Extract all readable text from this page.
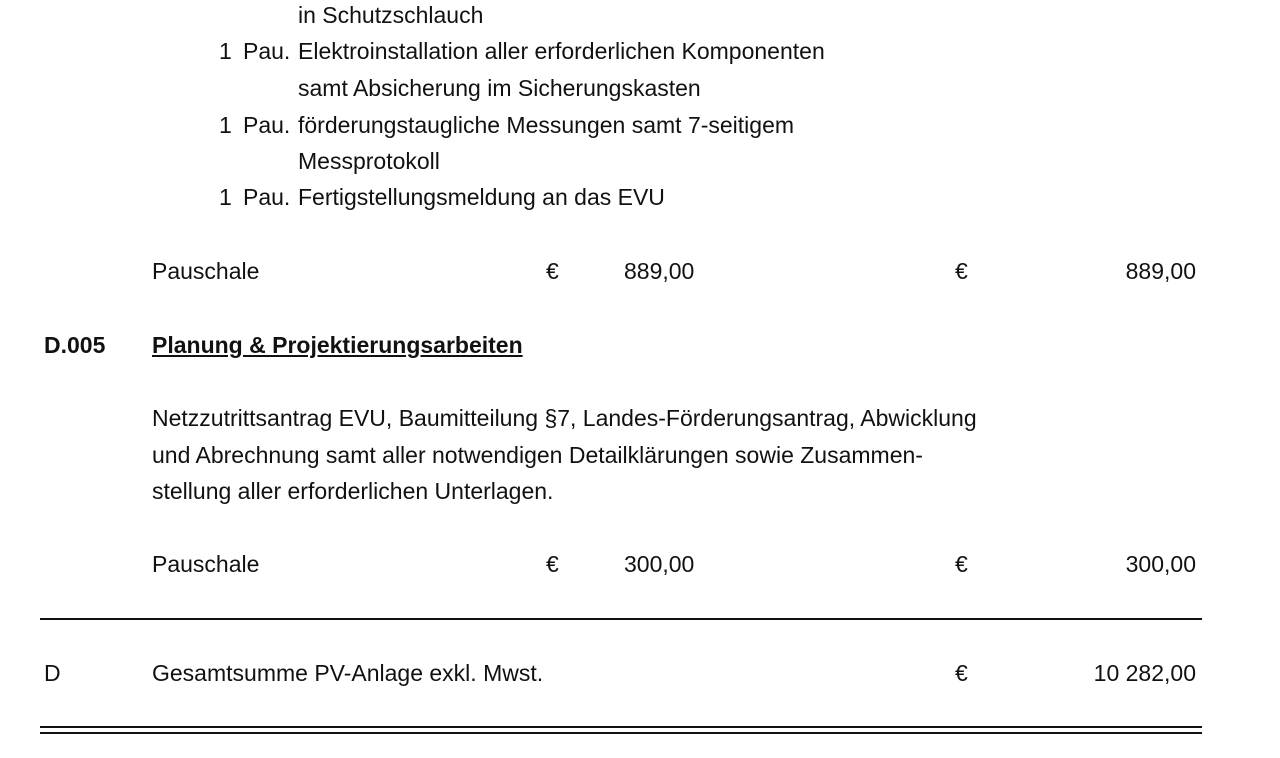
in Schutzschlauch
1 Pau. Elektroinstallation aller erforderlichen Komponenten
samt Absicherung im Sicherungskasten
1 Pau. förderungstaugliche Messungen samt 7-seitigem
Messprotokoll
1 Pau. Fertigstellungsmeldung an das EVU
Pauschale	€	889,00	€	889,00
D.005 Planung & Projektierungsarbeiten
Netzzutrittsantrag EVU, Baumitteilung §7, Landes-Förderungsantrag, Abwicklung
und Abrechnung samt aller notwendigen Detailklärungen sowie Zusammen-
stellung aller erforderlichen Unterlagen.
Pauschale	€	300,00	€	300,00
D	Gesamtsumme PV-Anlage exkl. Mwst.	€	10 282,00
